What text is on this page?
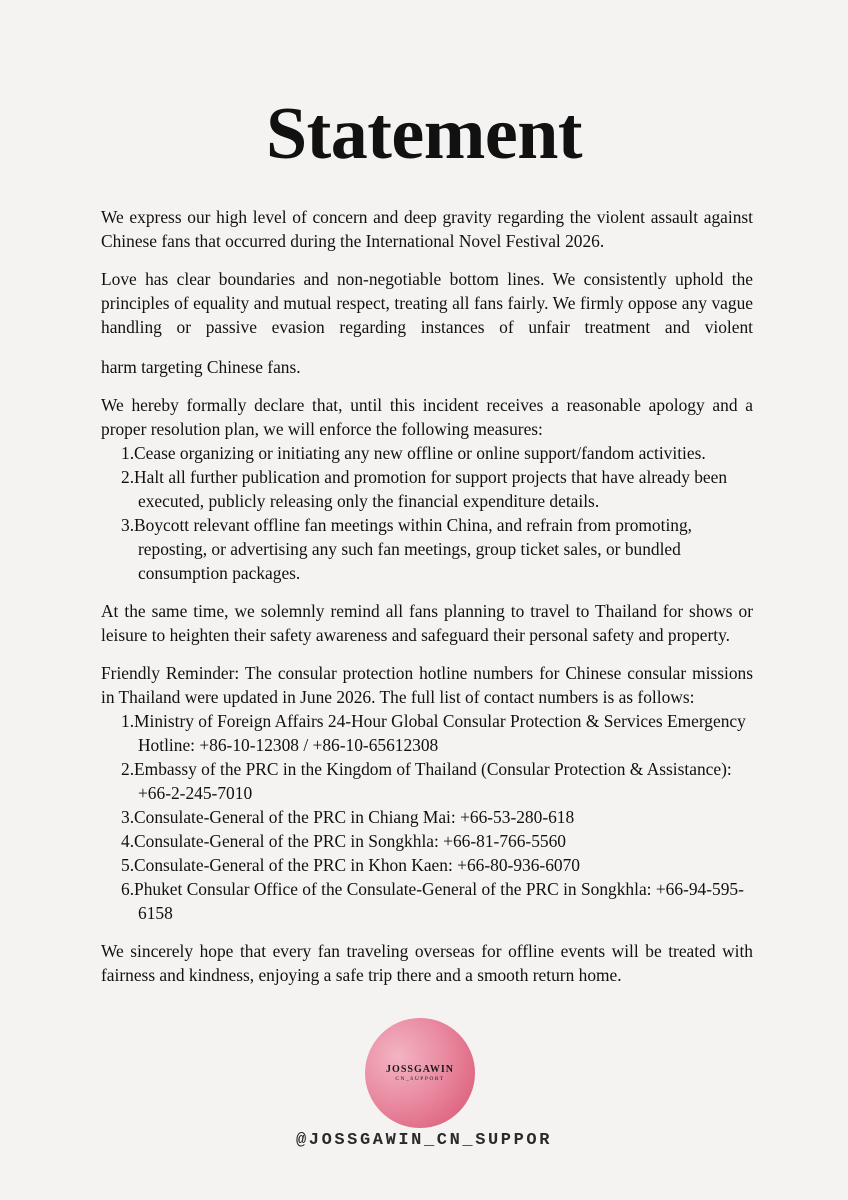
Statement

We express our high level of concern and deep gravity regarding the violent assault against Chinese fans that occurred during the International Novel Festival 2026.

Love has clear boundaries and non-negotiable bottom lines. We consistently uphold the principles of equality and mutual respect, treating all fans fairly. We firmly oppose any vague handling or passive evasion regarding instances of unfair treatment and violent

harm targeting Chinese fans.

We hereby formally declare that, until this incident receives a reasonable apology and a proper resolution plan, we will enforce the following measures:

1.Cease organizing or initiating any new offline or online support/fandom activities.
2.Halt all further publication and promotion for support projects that have already been executed, publicly releasing only the financial expenditure details.
3.Boycott relevant offline fan meetings within China, and refrain from promoting, reposting, or advertising any such fan meetings, group ticket sales, or bundled consumption packages.

At the same time, we solemnly remind all fans planning to travel to Thailand for shows or leisure to heighten their safety awareness and safeguard their personal safety and property.

Friendly Reminder: The consular protection hotline numbers for Chinese consular missions in Thailand were updated in June 2026. The full list of contact numbers is as follows:

1.Ministry of Foreign Affairs 24-Hour Global Consular Protection & Services Emergency Hotline: +86-10-12308 / +86-10-65612308
2.Embassy of the PRC in the Kingdom of Thailand (Consular Protection & Assistance): +66-2-245-7010
3.Consulate-General of the PRC in Chiang Mai: +66-53-280-618
4.Consulate-General of the PRC in Songkhla: +66-81-766-5560
5.Consulate-General of the PRC in Khon Kaen: +66-80-936-6070
6.Phuket Consular Office of the Consulate-General of the PRC in Songkhla: +66-94-595-6158

We sincerely hope that every fan traveling overseas for offline events will be treated with fairness and kindness, enjoying a safe trip there and a smooth return home.

JOSSGAWIN
CN_SUPPORT
@JOSSGAWIN_CN_SUPPOR
